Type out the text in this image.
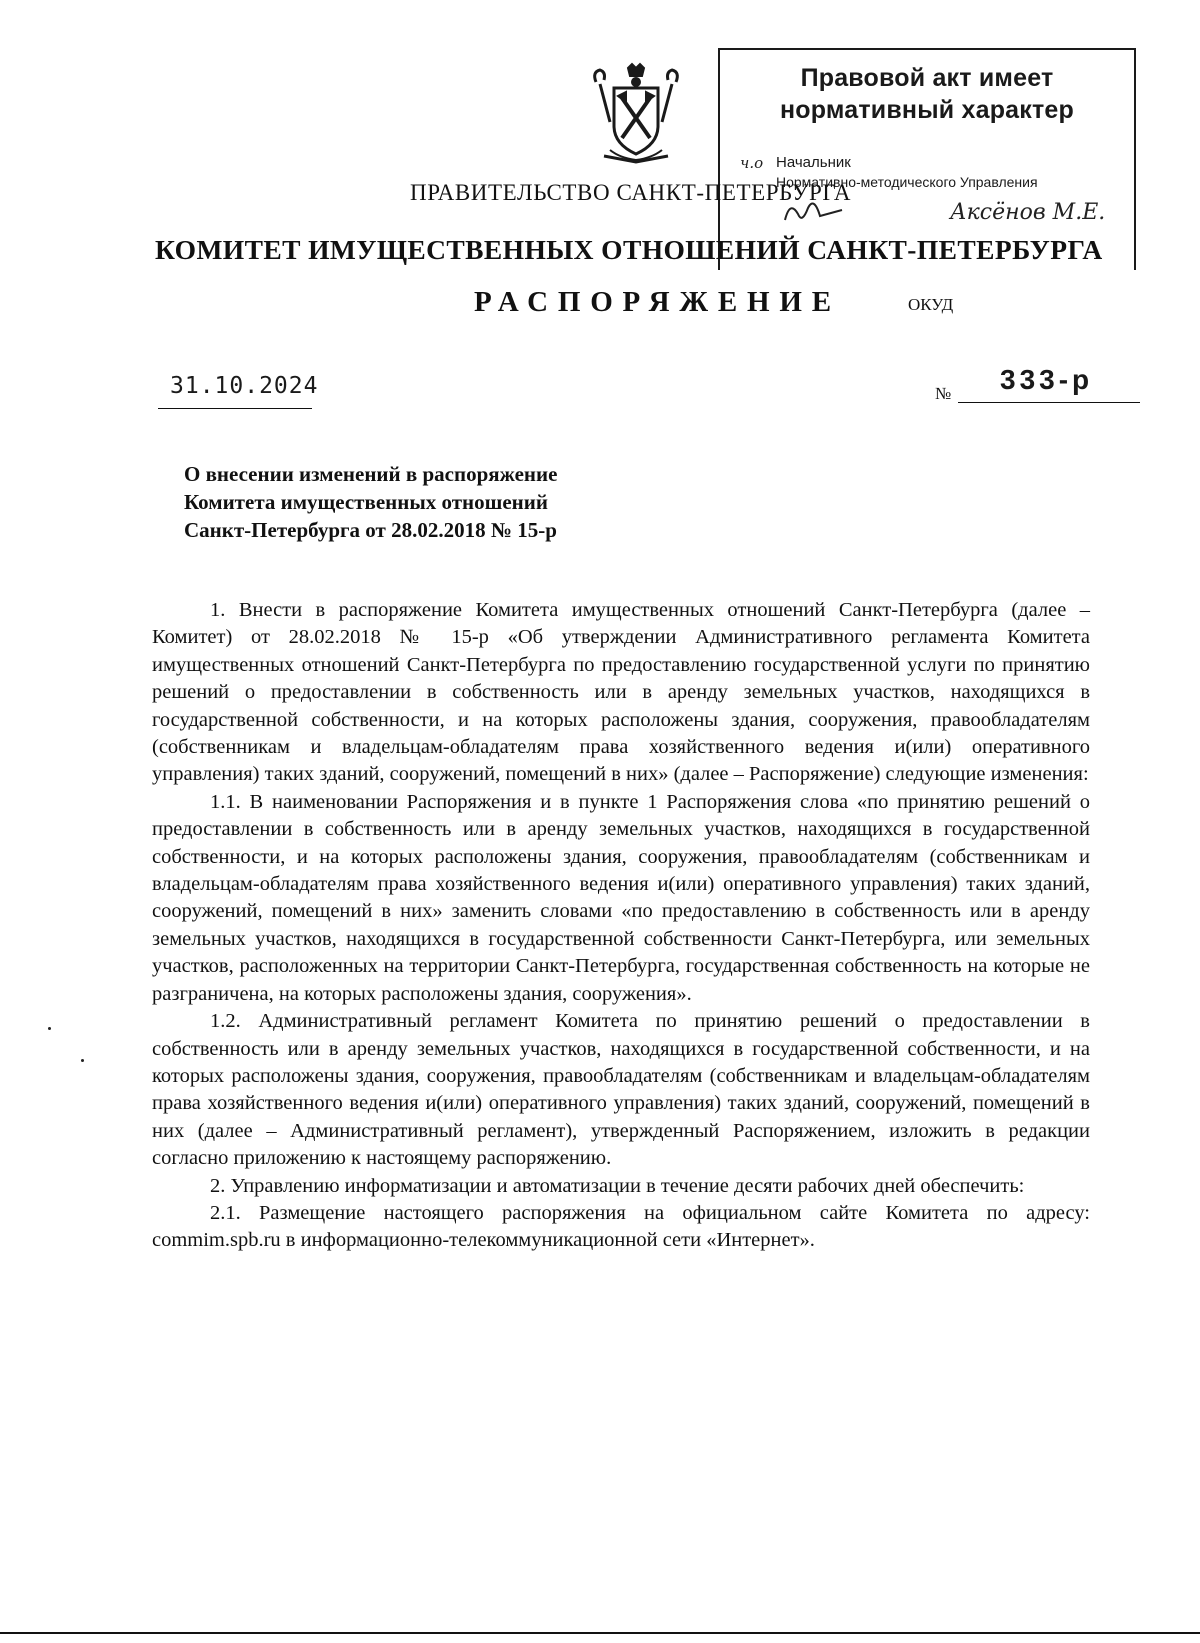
Правовой акт имеет
нормативный характер
ч.о Начальник
Нормативно-методического Управления
Аксёнов М.Е.
ПРАВИТЕЛЬСТВО САНКТ-ПЕТЕРБУРГА
КОМИТЕТ ИМУЩЕСТВЕННЫХ ОТНОШЕНИЙ САНКТ-ПЕТЕРБУРГА
РАСПОРЯЖЕНИЕ	ОКУД
31.10.2024	№ 333-р
О внесении изменений в распоряжение
Комитета имущественных отношений
Санкт-Петербурга от 28.02.2018 № 15-р

1. Внести в распоряжение Комитета имущественных отношений Санкт-Петербурга (далее – Комитет) от 28.02.2018 № 15-р «Об утверждении Административного регламента Комитета имущественных отношений Санкт-Петербурга по предоставлению государственной услуги по принятию решений о предоставлении в собственность или в аренду земельных участков, находящихся в государственной собственности, и на которых расположены здания, сооружения, правообладателям (собственникам и владельцам-обладателям права хозяйственного ведения и(или) оперативного управления) таких зданий, сооружений, помещений в них» (далее – Распоряжение) следующие изменения:

1.1. В наименовании Распоряжения и в пункте 1 Распоряжения слова «по принятию решений о предоставлении в собственность или в аренду земельных участков, находящихся в государственной собственности, и на которых расположены здания, сооружения, правообладателям (собственникам и владельцам-обладателям права хозяйственного ведения и(или) оперативного управления) таких зданий, сооружений, помещений в них» заменить словами «по предоставлению в собственность или в аренду земельных участков, находящихся в государственной собственности Санкт-Петербурга, или земельных участков, расположенных на территории Санкт-Петербурга, государственная собственность на которые не разграничена, на которых расположены здания, сооружения».

1.2. Административный регламент Комитета по принятию решений о предоставлении в собственность или в аренду земельных участков, находящихся в государственной собственности, и на которых расположены здания, сооружения, правообладателям (собственникам и владельцам-обладателям права хозяйственного ведения и(или) оперативного управления) таких зданий, сооружений, помещений в них (далее – Административный регламент), утвержденный Распоряжением, изложить в редакции согласно приложению к настоящему распоряжению.

2. Управлению информатизации и автоматизации в течение десяти рабочих дней обеспечить:

2.1. Размещение настоящего распоряжения на официальном сайте Комитета по адресу: commim.spb.ru в информационно-телекоммуникационной сети «Интернет».
